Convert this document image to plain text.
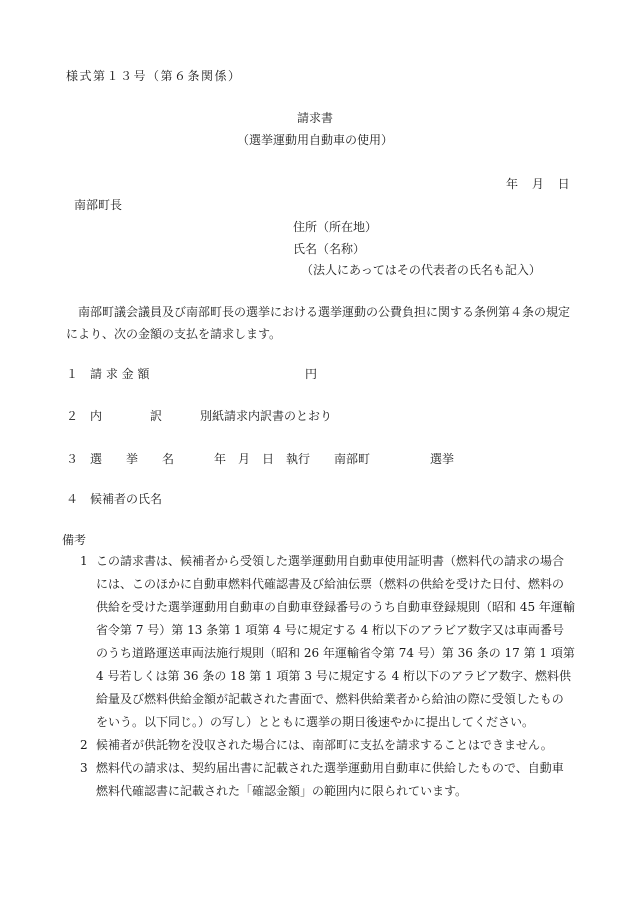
様式第１３号（第６条関係）
請求書
（選挙運動用自動車の使用）
年 月 日
南部町長
住所（所在地）
氏名（名称）
（法人にあってはその代表者の氏名も記入）
南部町議会議員及び南部町長の選挙における選挙運動の公費負担に関する条例第４条の規定により、次の金額の支払を請求します。
１ 請 求 金 額	円
２ 内　　　　訳	別紙請求内訳書のとおり
３ 選　　挙　　名	年　月　日　執行　　南部町　　　　　選挙
４ 候補者の氏名
備考

1 この請求書は、候補者から受領した選挙運動用自動車使用証明書（燃料代の請求の場合には、このほかに自動車燃料代確認書及び給油伝票（燃料の供給を受けた日付、燃料の供給を受けた選挙運動用自動車の自動車登録番号のうち自動車登録規則（昭和 45 年運輸省令第 7 号）第 13 条第 1 項第 4 号に規定する 4 桁以下のアラビア数字又は車両番号のうち道路運送車両法施行規則（昭和 26 年運輸省令第 74 号）第 36 条の 17 第 1 項第 4 号若しくは第 36 条の 18 第 1 項第 3 号に規定する 4 桁以下のアラビア数字、燃料供給量及び燃料供給金額が記載された書面で、燃料供給業者から給油の際に受領したものをいう。以下同じ。）の写し）とともに選挙の期日後速やかに提出してください。

2 候補者が供託物を没収された場合には、南部町に支払を請求することはできません。

3 燃料代の請求は、契約届出書に記載された選挙運動用自動車に供給したもので、自動車燃料代確認書に記載された「確認金額」の範囲内に限られています。
